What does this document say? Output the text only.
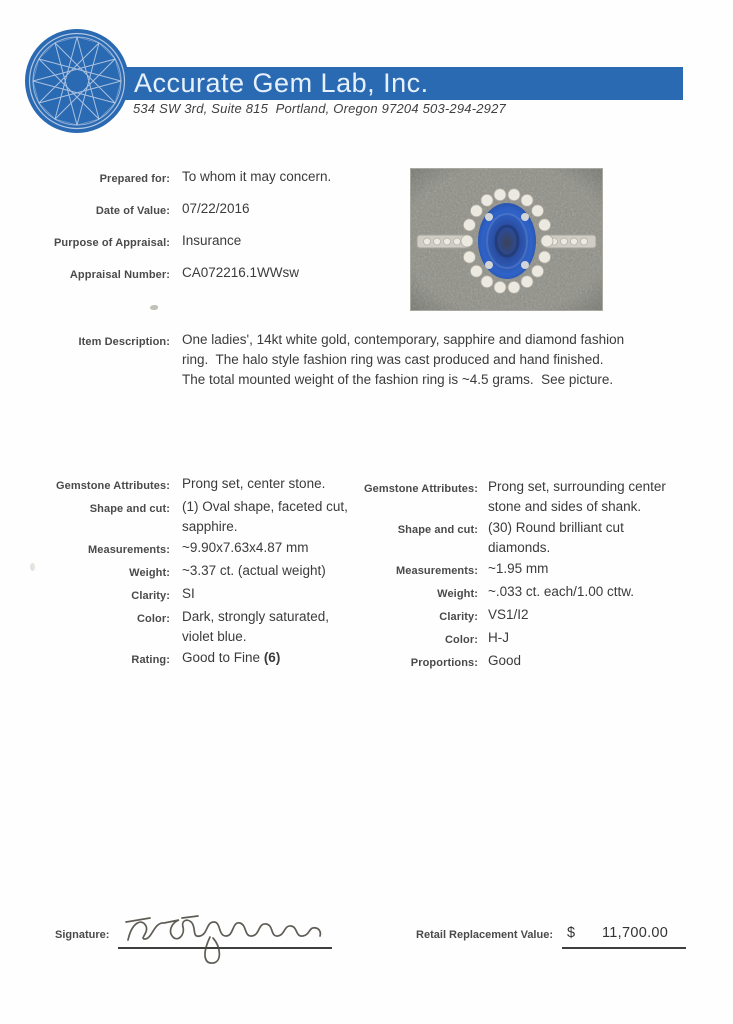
Accurate Gem Lab, Inc.
534 SW 3rd, Suite 815  Portland, Oregon 97204 503-294-2927
Prepared for: To whom it may concern.
Date of Value: 07/22/2016
Purpose of Appraisal: Insurance
Appraisal Number: CA072216.1WWsw
Item Description: One ladies', 14kt white gold, contemporary, sapphire and diamond fashion
ring.  The halo style fashion ring was cast produced and hand finished.
The total mounted weight of the fashion ring is ~4.5 grams.  See picture.
Gemstone Attributes: Prong set, center stone.
Shape and cut: (1) Oval shape, faceted cut, sapphire.
Measurements: ~9.90x7.63x4.87 mm
Weight: ~3.37 ct. (actual weight)
Clarity: SI
Color: Dark, strongly saturated, violet blue.
Rating: Good to Fine (6)
Gemstone Attributes: Prong set, surrounding center stone and sides of shank.
Shape and cut: (30) Round brilliant cut diamonds.
Measurements: ~1.95 mm
Weight: ~.033 ct. each/1.00 cttw.
Clarity: VS1/I2
Color: H-J
Proportions: Good
Signature:	Retail Replacement Value: $ 11,700.00
